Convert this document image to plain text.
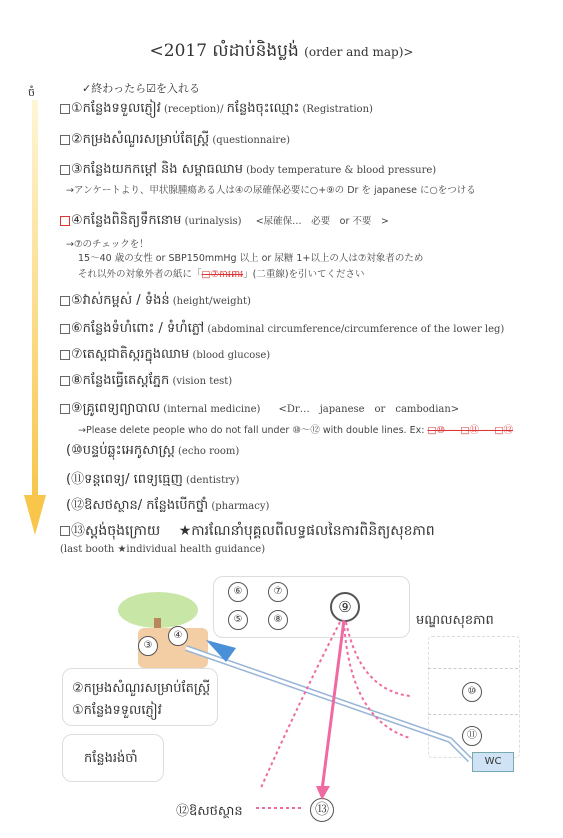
<2017 លំដាប់និងប្លង់ (order and map)>
ចំ	✓終わったら☑を入れる
①កន្លែងទទួលភ្ញៀវ (reception)/ កន្លែងចុះឈ្មោះ (Registration)
②កម្រងសំណួរសម្រាប់តែស្ត្រី (questionnaire)
③កន្លែងយកកម្តៅ និង សម្ពាធឈាម (body temperature & blood pressure)
→アンケートより、甲状腺腫瘍ある人は④の尿確保必要に○+⑨の Dr を japanese に○をつける
④កន្លែងពិនិត្យទឹកនោម (urinalysis) <尿確保…　必要　or 不要　>
→⑦のチェックを！
15～40 歳の女性 or SBP150mmHg 以上 or 尿糖 1+以上の人は⑦対象者のため
それ以外の対象外者の紙に「□⑦ការពារ」(二重線)を引いてください
⑤វាស់កម្ពស់ / ទំងន់ (height/weight)
⑥កន្លែងទំហំពោះ / ទំហំភ្លៅ (abdominal circumference/circumference of the lower leg)
⑦តេស្តជាតិស្ករក្នុងឈាម (blood glucose)
⑧កន្លែងធ្វើតេស្តភ្នែក (vision test)
⑨គ្រូពេទ្យព្យាបាល (internal medicine) <Dr…　japanese　or　cambodian>
→Please delete people who do not fall under ⑩～⑫ with double lines. Ex: □⑩ — □⑪ — □⑫
(⑩បន្ទប់ឆ្លុះអេកូសាស្ត្រ (echo room)
(⑪ទន្តពេទ្យ/ ពេទ្យធ្មេញ (dentistry)
(⑫ឱសថស្ថាន/ កន្លែងបើកថ្នាំ (pharmacy)
⑬ស្តង់ចុងក្រោយ ★ការណែនាំបុគ្គលពីលទ្ធផលនៃការពិនិត្យសុខភាព
(last booth ★individual health guidance)
⑥	⑦
⑤	⑧
⑨
មណ្ឌលសុខភាព
⑩
⑪
WC
③
④
②កម្រងសំណួរសម្រាប់តែស្ត្រី
①កន្លែងទទួលភ្ញៀវ
កន្លែងរង់ចាំ
⑫ឱសថស្ថាន	⑬
